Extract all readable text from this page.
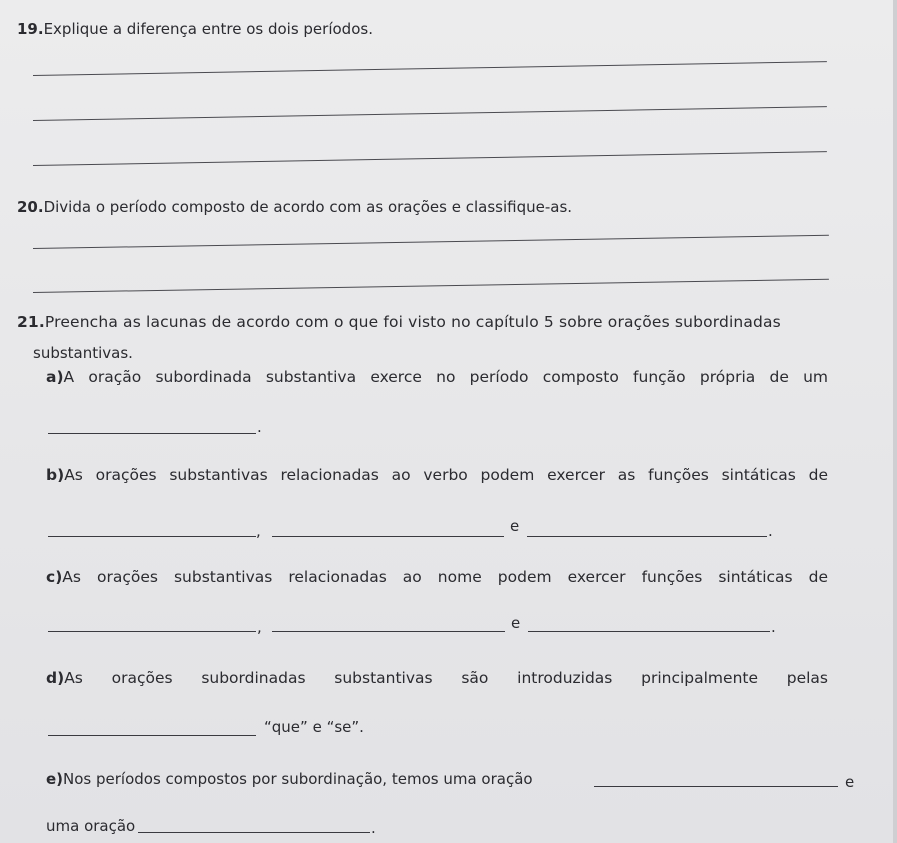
19.Explique a diferença entre os dois períodos.
20.Divida o período composto de acordo com as orações e classifique-as.
21.Preencha as lacunas de acordo com o que foi visto no capítulo 5 sobre orações subordinadas
substantivas.
a)A oração subordinada substantiva exerce no período composto função própria de um
.
b)As orações substantivas relacionadas ao verbo podem exercer as funções sintáticas de
,	e	.
c)As orações substantivas relacionadas ao nome podem exercer funções sintáticas de
,	e	.
d)As orações subordinadas substantivas são introduzidas principalmente pelas
“que” e “se”.
e)Nos períodos compostos por subordinação, temos uma oração	e
uma oração	.
